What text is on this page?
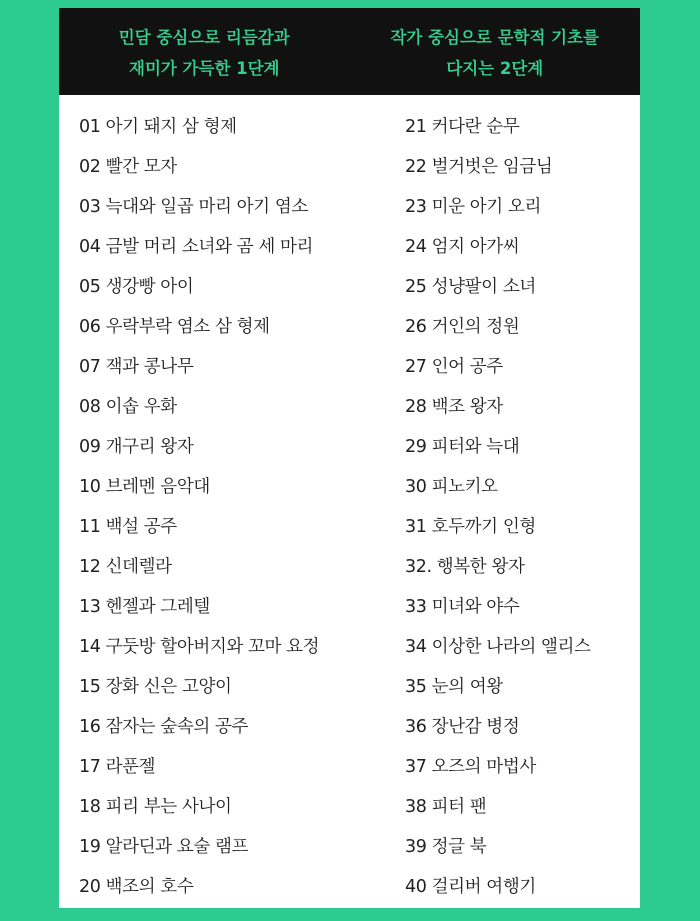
민담 중심으로 리듬감과
재미가 가득한 1단계
작가 중심으로 문학적 기초를
다지는 2단계
01 아기 돼지 삼 형제
02 빨간 모자
03 늑대와 일곱 마리 아기 염소
04 금발 머리 소녀와 곰 세 마리
05 생강빵 아이
06 우락부락 염소 삼 형제
07 잭과 콩나무
08 이솝 우화
09 개구리 왕자
10 브레멘 음악대
11 백설 공주
12 신데렐라
13 헨젤과 그레텔
14 구둣방 할아버지와 꼬마 요정
15 장화 신은 고양이
16 잠자는 숲속의 공주
17 라푼젤
18 피리 부는 사나이
19 알라딘과 요술 램프
20 백조의 호수
21 커다란 순무
22 벌거벗은 임금님
23 미운 아기 오리
24 엄지 아가씨
25 성냥팔이 소녀
26 거인의 정원
27 인어 공주
28 백조 왕자
29 피터와 늑대
30 피노키오
31 호두까기 인형
32. 행복한 왕자
33 미녀와 야수
34 이상한 나라의 앨리스
35 눈의 여왕
36 장난감 병정
37 오즈의 마법사
38 피터 팬
39 정글 북
40 걸리버 여행기
